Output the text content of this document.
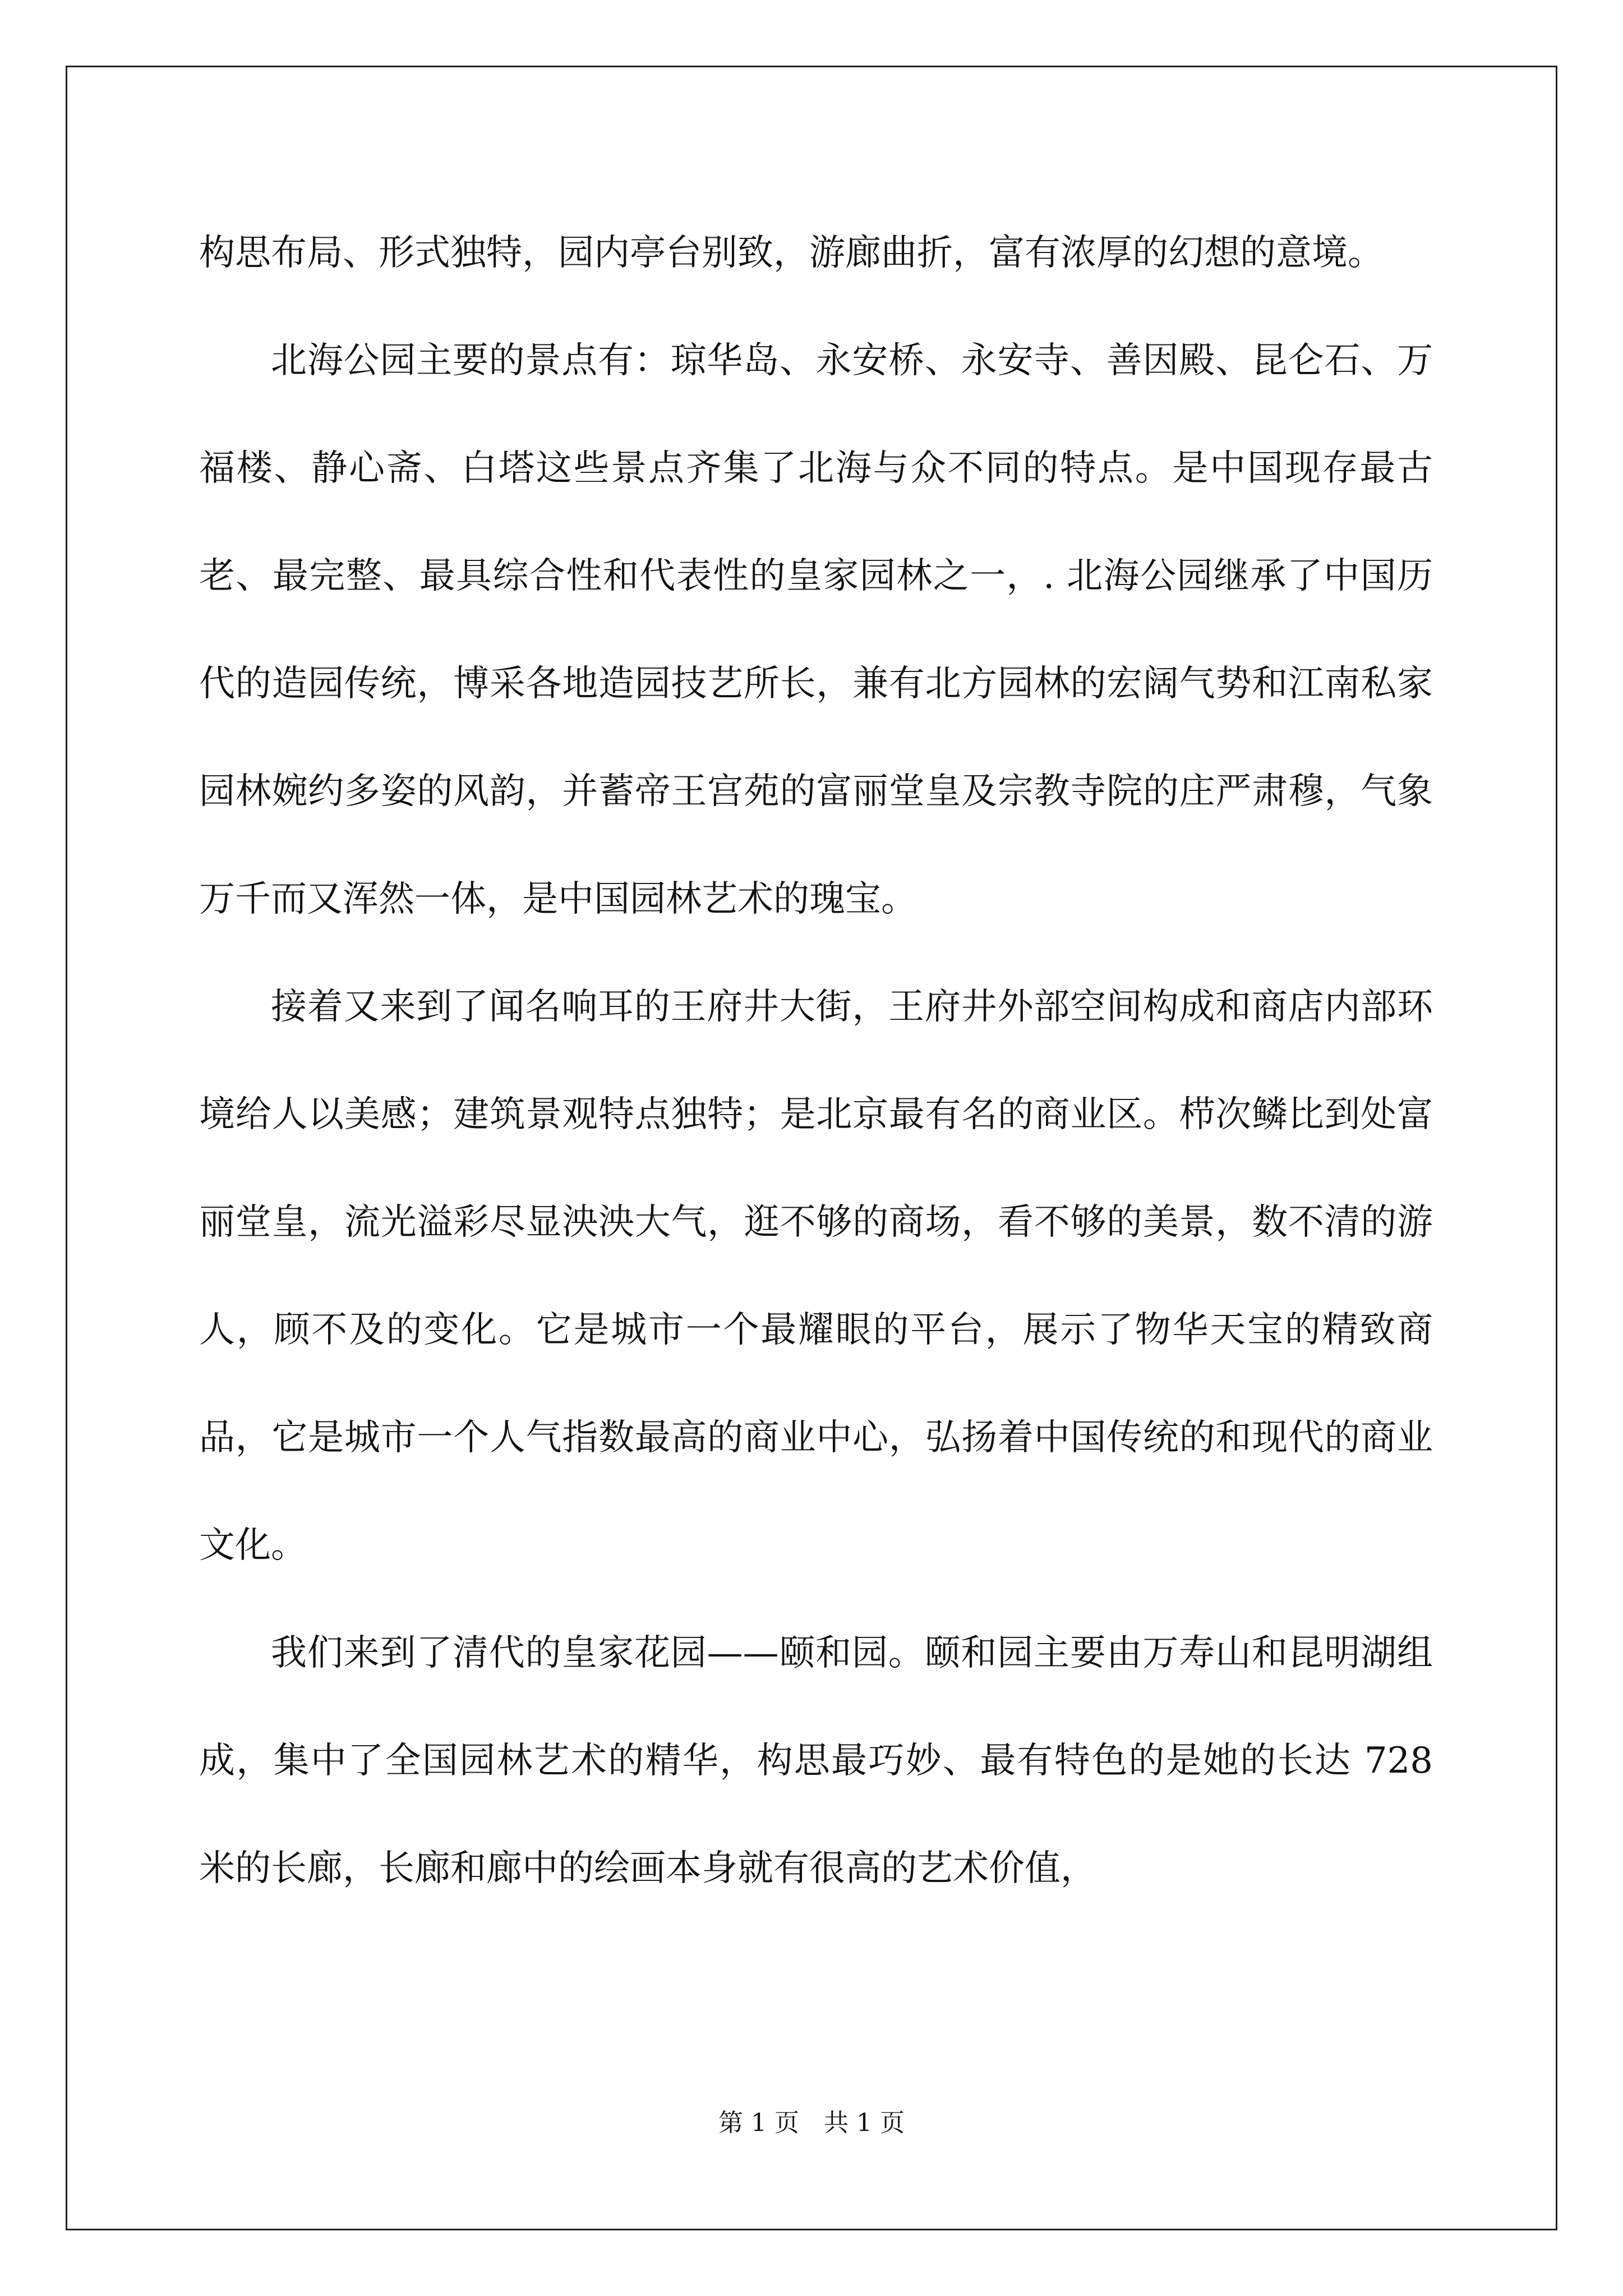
构思布局、形式独特，园内亭台别致，游廊曲折，富有浓厚的幻想的意境。

北海公园主要的景点有：琼华岛、永安桥、永安寺、善因殿、昆仑石、万福楼、静心斋、白塔这些景点齐集了北海与众不同的特点。是中国现存最古老、最完整、最具综合性和代表性的皇家园林之一，. 北海公园继承了中国历代的造园传统，博采各地造园技艺所长，兼有北方园林的宏阔气势和江南私家园林婉约多姿的风韵，并蓄帝王宫苑的富丽堂皇及宗教寺院的庄严肃穆，气象万千而又浑然一体，是中国园林艺术的瑰宝。

接着又来到了闻名响耳的王府井大街，王府井外部空间构成和商店内部环境给人以美感；建筑景观特点独特；是北京最有名的商业区。栉次鳞比到处富丽堂皇，流光溢彩尽显泱泱大气，逛不够的商场，看不够的美景，数不清的游人，顾不及的变化。它是城市一个最耀眼的平台，展示了物华天宝的精致商品，它是城市一个人气指数最高的商业中心，弘扬着中国传统的和现代的商业文化。

我们来到了清代的皇家花园——颐和园。颐和园主要由万寿山和昆明湖组成，集中了全国园林艺术的精华，构思最巧妙、最有特色的是她的长达 728 米的长廊，长廊和廊中的绘画本身就有很高的艺术价值，

第 1 页　共 1 页
